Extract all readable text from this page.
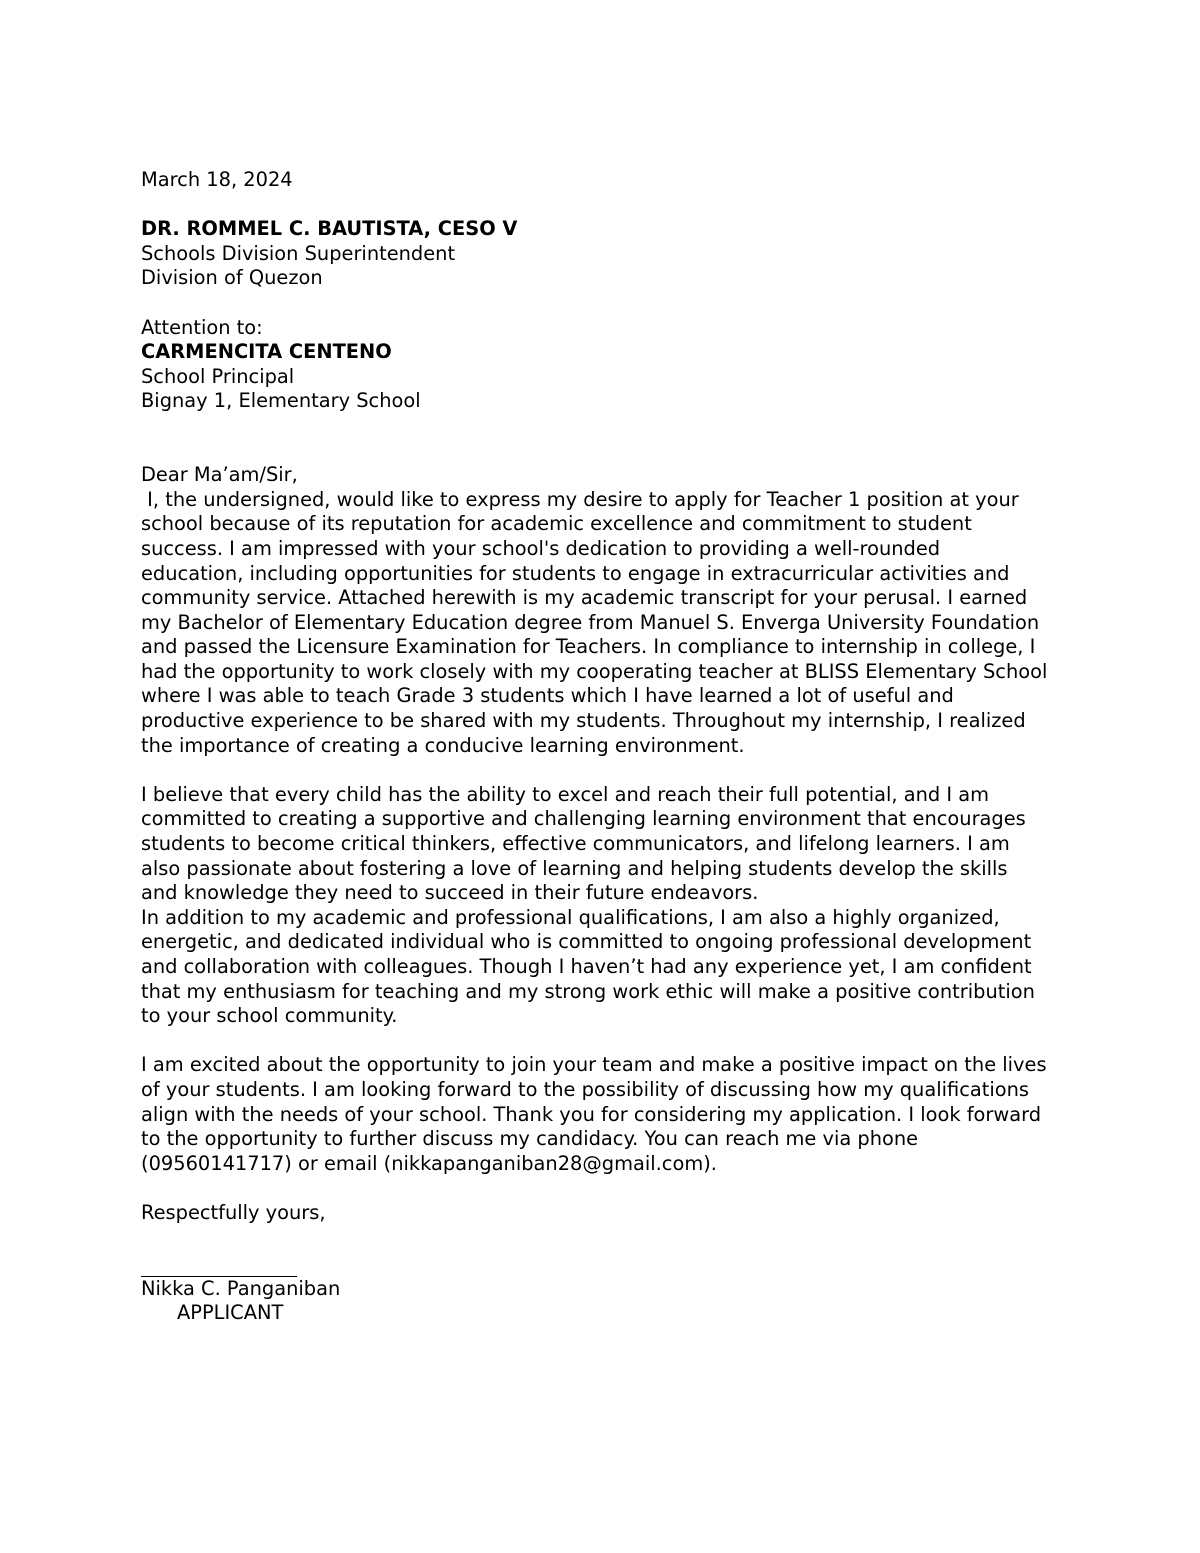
March 18, 2024
DR. ROMMEL C. BAUTISTA, CESO V
Schools Division Superintendent
Division of Quezon
Attention to:
CARMENCITA CENTENO
School Principal
Bignay 1, Elementary School
Dear Ma’am/Sir,
I, the undersigned, would like to express my desire to apply for Teacher 1 position at your
school because of its reputation for academic excellence and commitment to student
success. I am impressed with your school's dedication to providing a well-rounded
education, including opportunities for students to engage in extracurricular activities and
community service. Attached herewith is my academic transcript for your perusal. I earned
my Bachelor of Elementary Education degree from Manuel S. Enverga University Foundation
and passed the Licensure Examination for Teachers. In compliance to internship in college, I
had the opportunity to work closely with my cooperating teacher at BLISS Elementary School
where I was able to teach Grade 3 students which I have learned a lot of useful and
productive experience to be shared with my students. Throughout my internship, I realized
the importance of creating a conducive learning environment.
I believe that every child has the ability to excel and reach their full potential, and I am
committed to creating a supportive and challenging learning environment that encourages
students to become critical thinkers, effective communicators, and lifelong learners. I am
also passionate about fostering a love of learning and helping students develop the skills
and knowledge they need to succeed in their future endeavors.
In addition to my academic and professional qualifications, I am also a highly organized,
energetic, and dedicated individual who is committed to ongoing professional development
and collaboration with colleagues. Though I haven’t had any experience yet, I am confident
that my enthusiasm for teaching and my strong work ethic will make a positive contribution
to your school community.
I am excited about the opportunity to join your team and make a positive impact on the lives
of your students. I am looking forward to the possibility of discussing how my qualifications
align with the needs of your school. Thank you for considering my application. I look forward
to the opportunity to further discuss my candidacy. You can reach me via phone
(09560141717) or email (nikkapanganiban28@gmail.com).
Respectfully yours,
Nikka C. Panganiban
APPLICANT
